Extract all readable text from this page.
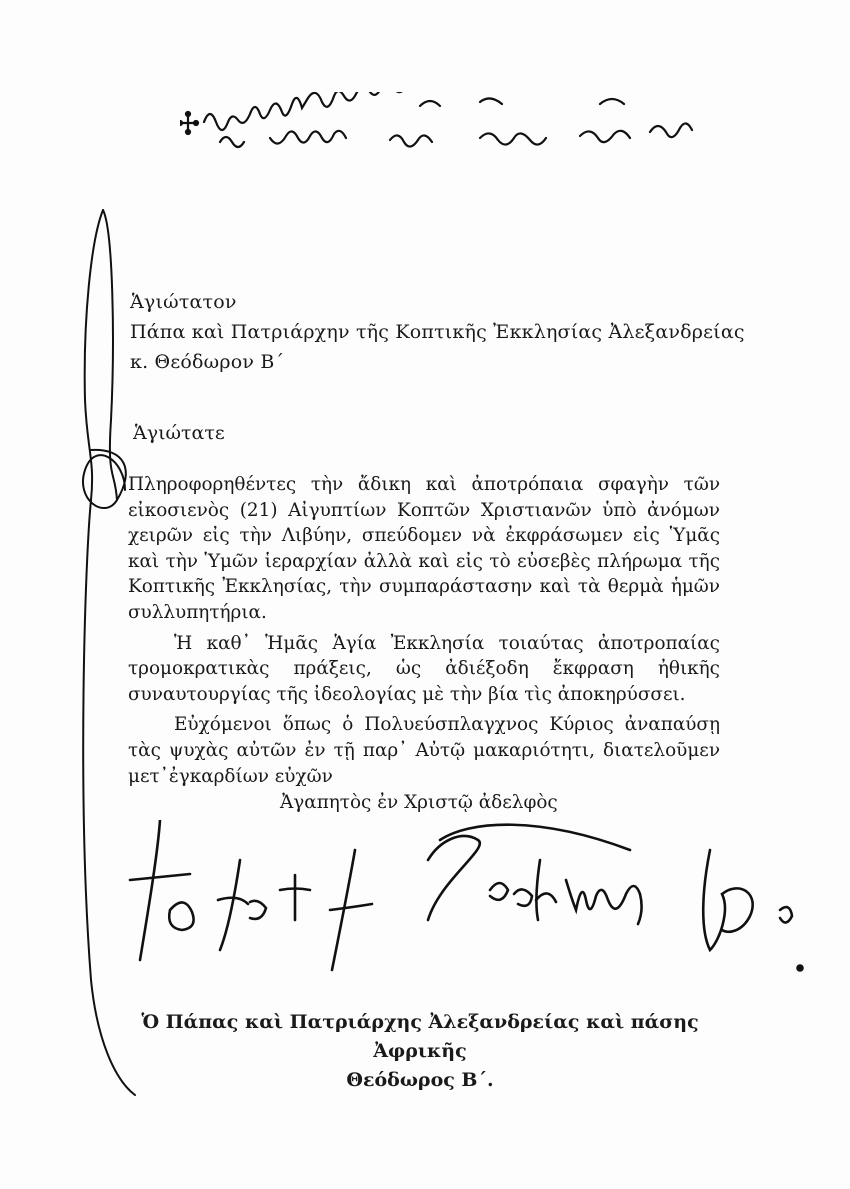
Ἁγιώτατον
Πάπα καὶ Πατριάρχην τῆς Κοπτικῆς Ἐκκλησίας Ἀλεξανδρείας
κ. Θεόδωρον Β΄
Ἁγιώτατε

Πληροφορηθέντες τὴν ἄδικη καὶ ἀποτρόπαια σφαγὴν τῶν εἰκοσιενὸς (21) Αἰγυπτίων Κοπτῶν Χριστιανῶν ὑπὸ ἀνόμων χειρῶν εἰς τὴν Λιβύην, σπεύδομεν νὰ ἐκφράσωμεν εἰς Ὑμᾶς καὶ τὴν Ὑμῶν ἱεραρχίαν ἀλλὰ καὶ εἰς τὸ εὐσεβὲς πλήρωμα τῆς Κοπτικῆς Ἐκκλησίας, τὴν συμπαράστασην καὶ τὰ θερμὰ ἡμῶν συλλυπητήρια.

Ἡ καθ᾽ Ἡμᾶς Ἁγία Ἐκκλησία τοιαύτας ἀποτροπαίας τρομοκρατικὰς πράξεις, ὡς ἀδιέξοδη ἔκφραση ἠθικῆς συναυτουργίας τῆς ἰδεολογίας μὲ τὴν βία τὶς ἀποκηρύσσει.

Εὐχόμενοι ὅπως ὁ Πολυεύσπλαγχνος Κύριος ἀναπαύσῃ τὰς ψυχὰς αὐτῶν ἐν τῇ παρ᾽ Αὐτῷ μακαριότητι, διατελοῦμεν μετ᾽ἐγκαρδίων εὐχῶν

Ἀγαπητὸς ἐν Χριστῷ ἀδελφὸς
Ὁ Πάπας καὶ Πατριάρχης Ἀλεξανδρείας καὶ πάσης
Ἀφρικῆς
Θεόδωρος Β΄.
